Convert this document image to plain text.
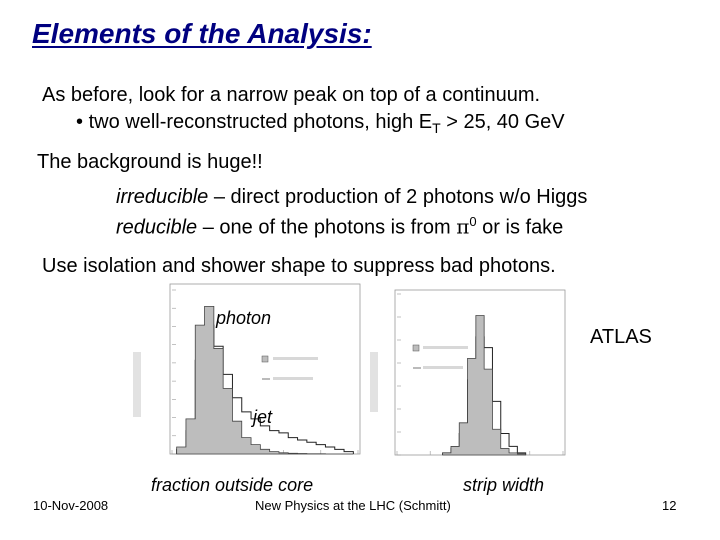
Elements of the Analysis:
As before, look for a narrow peak on top of a continuum.
• two well-reconstructed photons, high $E_T > 25$, 40 GeV
The background is huge!!
irreducible – direct production of 2 photons w/o Higgs
reducible – one of the photons is from $\pi^0$ or is fake
Use isolation and shower shape to suppress bad photons.
photon
jet
fraction outside core	strip width
ATLAS
10-Nov-2008	New Physics at the LHC (Schmitt)	12
